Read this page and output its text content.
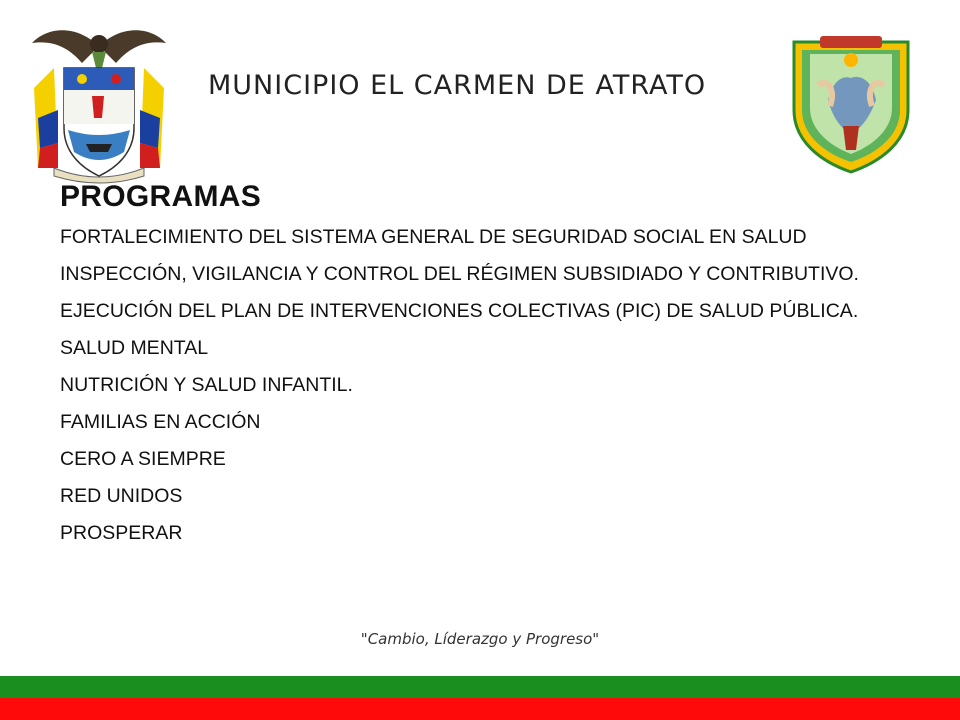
MUNICIPIO EL CARMEN DE ATRATO
PROGRAMAS
FORTALECIMIENTO DEL SISTEMA GENERAL DE SEGURIDAD SOCIAL EN SALUD
INSPECCIÓN, VIGILANCIA Y CONTROL DEL RÉGIMEN SUBSIDIADO Y CONTRIBUTIVO.
EJECUCIÓN DEL PLAN DE INTERVENCIONES COLECTIVAS (PIC) DE SALUD PÚBLICA.
SALUD MENTAL
NUTRICIÓN Y SALUD INFANTIL.
FAMILIAS EN ACCIÓN
CERO A SIEMPRE
RED UNIDOS
PROSPERAR
"Cambio, Líderazgo y Progreso"
